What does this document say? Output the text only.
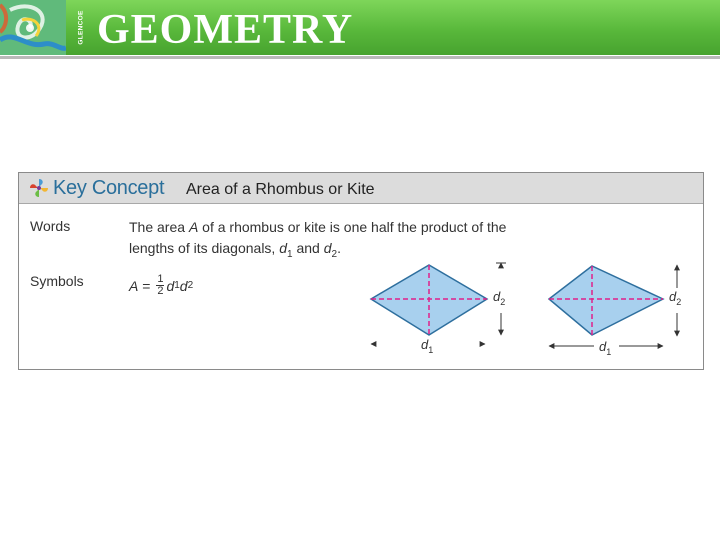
GLENCOE GEOMETRY
Key Concept Area of a Rhombus or Kite
Words	The area A of a rhombus or kite is one half the product of the lengths of its diagonals, $d_1$ and $d_2$.
Symbols	$A = \frac{1}{2}$ d 1 d 2
$d_1$
$d_2$
$d_1$
$d_2$
